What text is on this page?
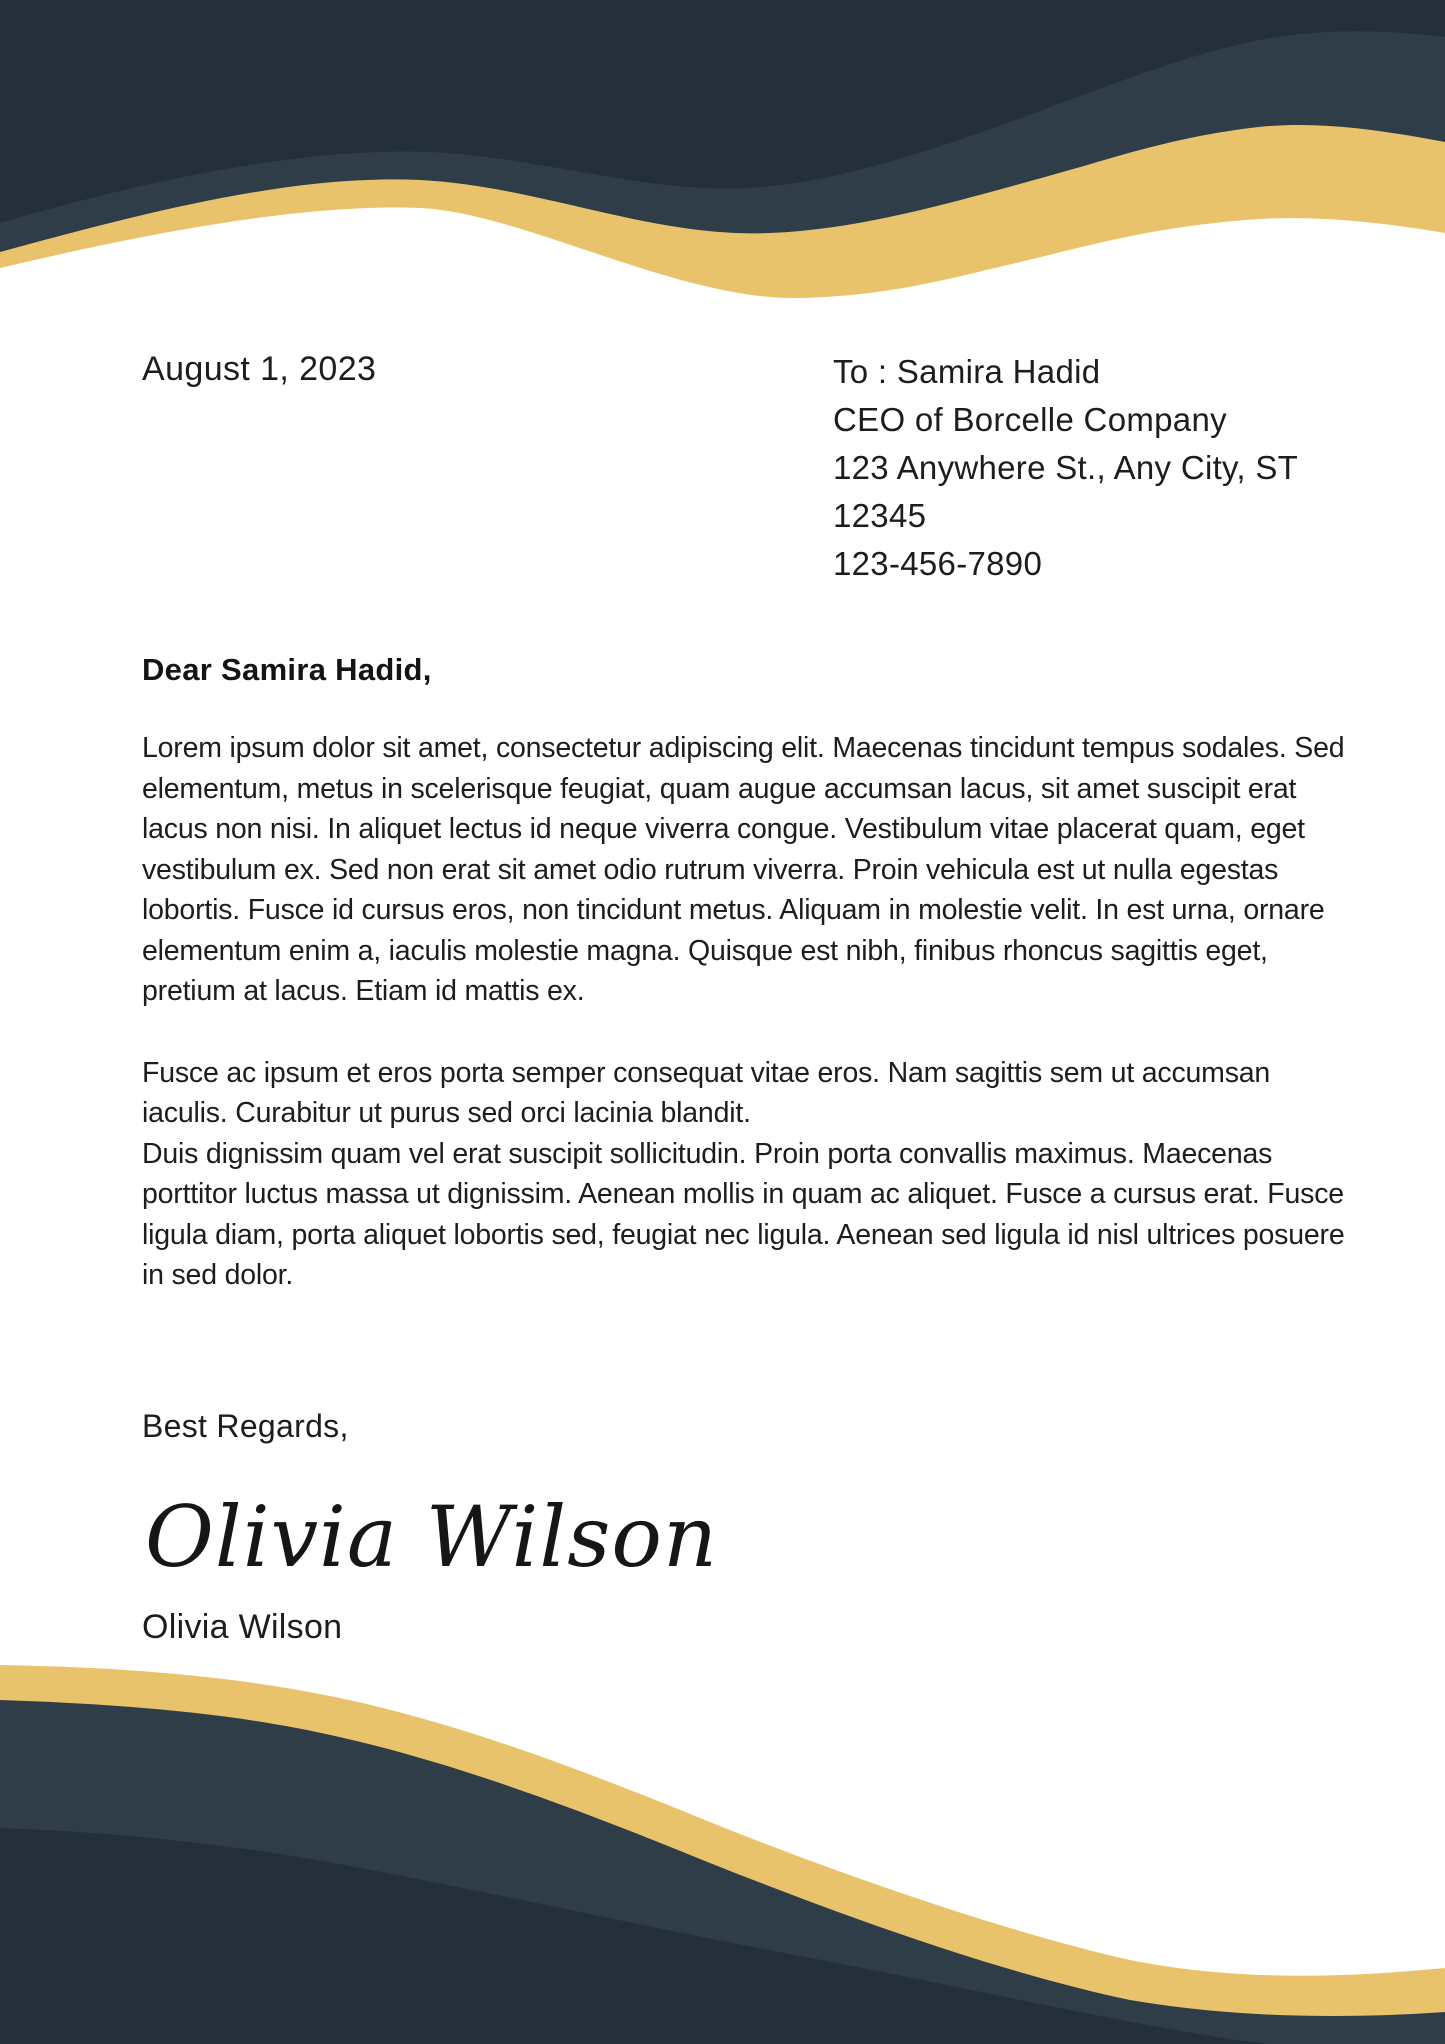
August 1, 2023	To : Samira Hadid
CEO of Borcelle Company
123 Anywhere St., Any City, ST
12345
123-456-7890
Dear Samira Hadid,

Lorem ipsum dolor sit amet, consectetur adipiscing elit. Maecenas tincidunt tempus sodales. Sed elementum, metus in scelerisque feugiat, quam augue accumsan lacus, sit amet suscipit erat lacus non nisi. In aliquet lectus id neque viverra congue. Vestibulum vitae placerat quam, eget vestibulum ex. Sed non erat sit amet odio rutrum viverra. Proin vehicula est ut nulla egestas lobortis. Fusce id cursus eros, non tincidunt metus. Aliquam in molestie velit. In est urna, ornare elementum enim a, iaculis molestie magna. Quisque est nibh, finibus rhoncus sagittis eget, pretium at lacus. Etiam id mattis ex.

Fusce ac ipsum et eros porta semper consequat vitae eros. Nam sagittis sem ut accumsan iaculis. Curabitur ut purus sed orci lacinia blandit.

Duis dignissim quam vel erat suscipit sollicitudin. Proin porta convallis maximus. Maecenas porttitor luctus massa ut dignissim. Aenean mollis in quam ac aliquet. Fusce a cursus erat. Fusce ligula diam, porta aliquet lobortis sed, feugiat nec ligula. Aenean sed ligula id nisl ultrices posuere in sed dolor.

Best Regards,
Olivia Wilson
Olivia Wilson
